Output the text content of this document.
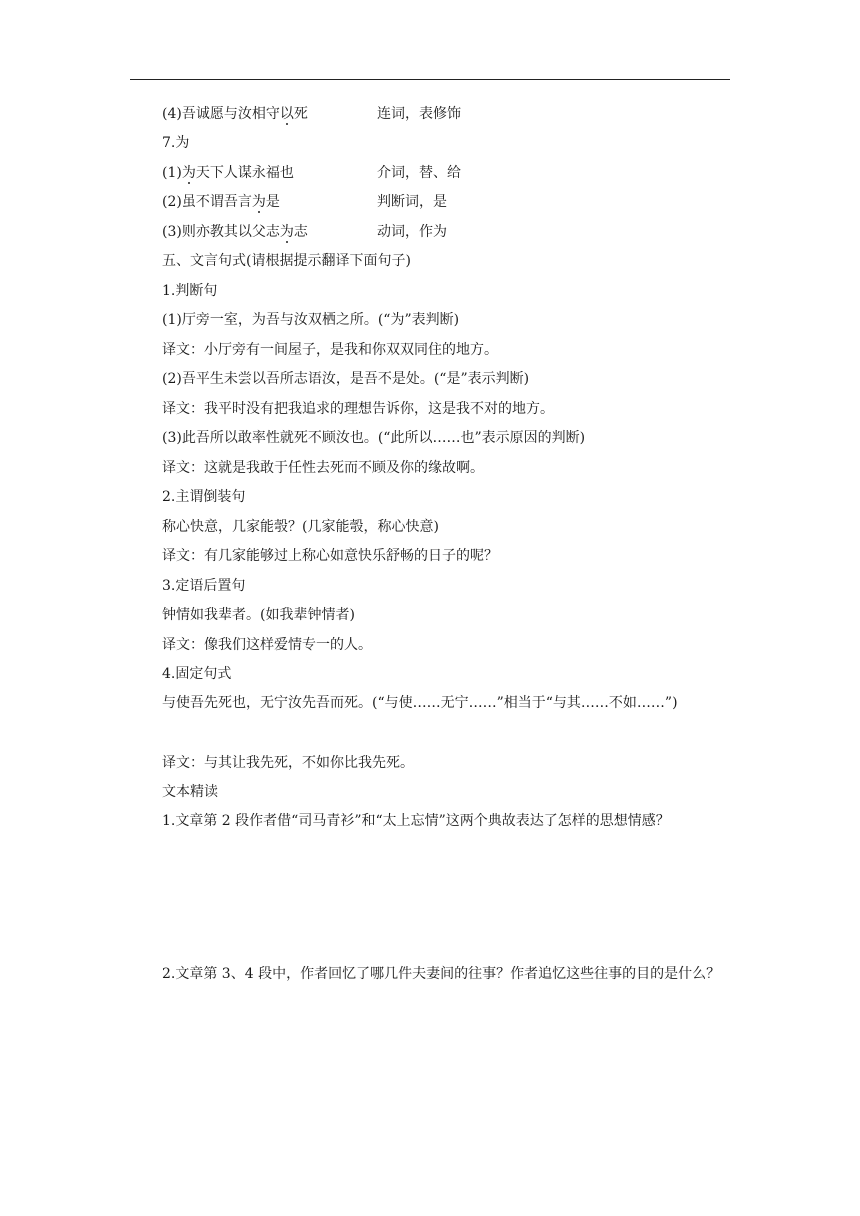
(4)吾诚愿与汝相守以死	连词，表修饰
7.为
(1)为天下人谋永福也	介词，替、给
(2)虽不谓吾言为是	判断词，是
(3)则亦教其以父志为志	动词，作为
五、文言句式(请根据提示翻译下面句子)
1.判断句
(1)厅旁一室，为吾与汝双栖之所。(“为”表判断)
译文：小厅旁有一间屋子，是我和你双双同住的地方。
(2)吾平生未尝以吾所志语汝，是吾不是处。(“是”表示判断)
译文：我平时没有把我追求的理想告诉你，这是我不对的地方。
(3)此吾所以敢率性就死不顾汝也。(“此所以……也”表示原因的判断)
译文：这就是我敢于任性去死而不顾及你的缘故啊。
2.主谓倒装句
称心快意，几家能彀？(几家能彀，称心快意)
译文：有几家能够过上称心如意快乐舒畅的日子的呢？
3.定语后置句
钟情如我辈者。(如我辈钟情者)
译文：像我们这样爱情专一的人。
4.固定句式
与使吾先死也，无宁汝先吾而死。(“与使……无宁……”相当于“与其……不如……”)
译文：与其让我先死，不如你比我先死。
文本精读
1.文章第 2 段作者借“司马青衫”和“太上忘情”这两个典故表达了怎样的思想情感？
2.文章第 3、4 段中，作者回忆了哪几件夫妻间的往事？作者追忆这些往事的目的是什么？
